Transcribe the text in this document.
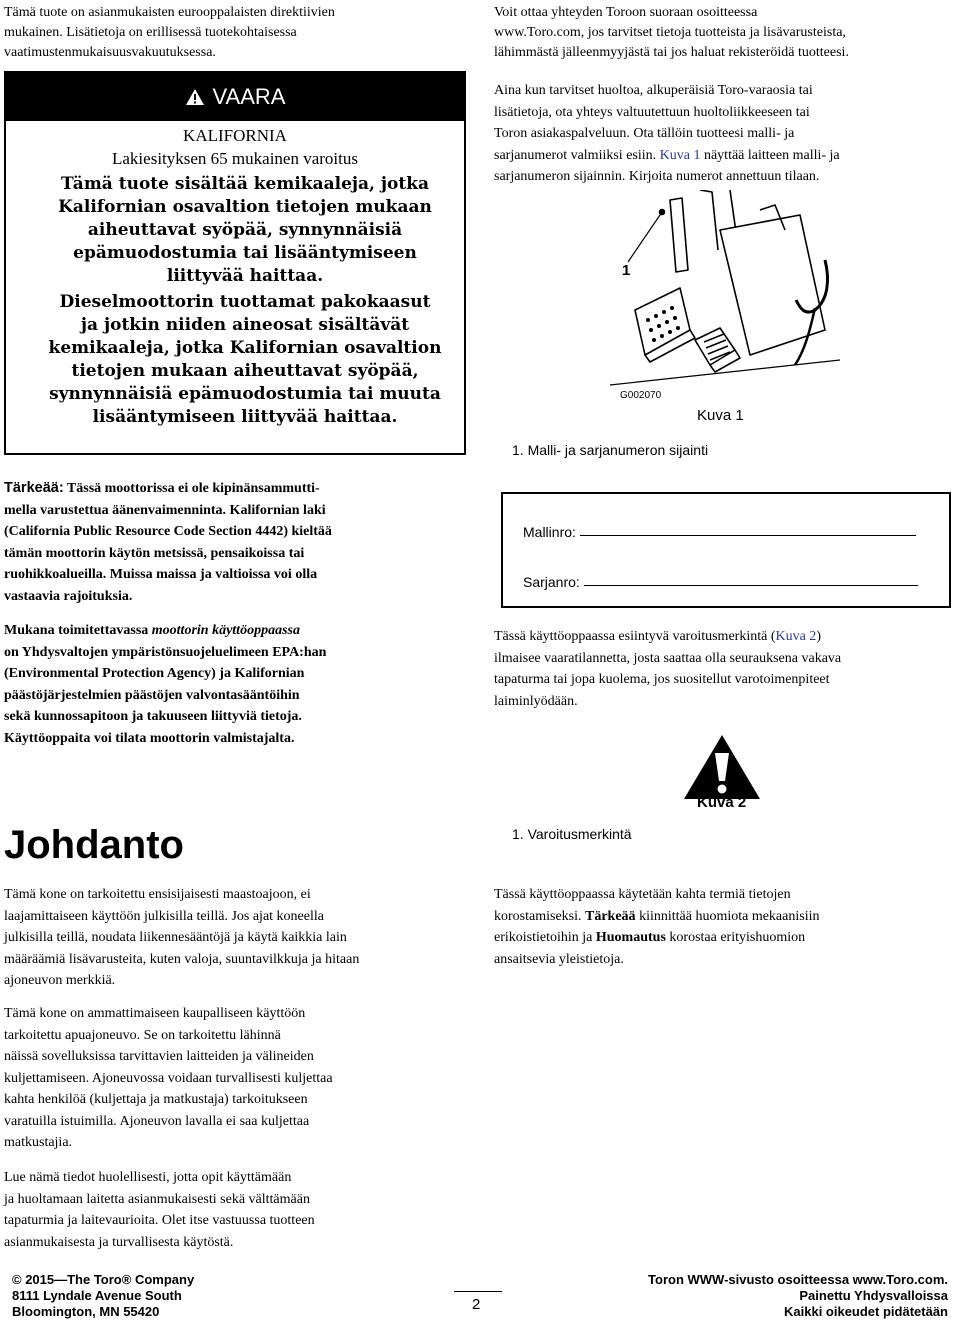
Tämä tuote on asianmukaisten eurooppalaisten direktiivien

mukainen. Lisätietoja on erillisessä tuotekohtaisessa

vaatimustenmukaisuusvakuutuksessa.

VAARA

KALIFORNIA

Lakiesityksen 65 mukainen varoitus

Tämä tuote sisältää kemikaaleja, jotka

Kalifornian osavaltion tietojen mukaan

aiheuttavat syöpää, synnynnäisiä

epämuodostumia tai lisääntymiseen

liittyvää haittaa.

Dieselmoottorin tuottamat pakokaasut

ja jotkin niiden aineosat sisältävät

kemikaaleja, jotka Kalifornian osavaltion

tietojen mukaan aiheuttavat syöpää,

synnynnäisiä epämuodostumia tai muuta

lisääntymiseen liittyvää haittaa.

Tärkeää: Tässä moottorissa ei ole kipinänsammutti-

mella varustettua äänenvaimenninta. Kalifornian laki

(California Public Resource Code Section 4442) kieltää

tämän moottorin käytön metsissä, pensaikoissa tai

ruohikkoalueilla. Muissa maissa ja valtioissa voi olla

vastaavia rajoituksia.

Mukana toimitettavassa moottorin käyttöoppaassa

on Yhdysvaltojen ympäristönsuojeluelimeen EPA:han

(Environmental Protection Agency) ja Kalifornian

päästöjärjestelmien päästöjen valvontasääntöihin

sekä kunnossapitoon ja takuuseen liittyviä tietoja.

Käyttöoppaita voi tilata moottorin valmistajalta.

Johdanto

Tämä kone on tarkoitettu ensisijaisesti maastoajoon, ei

laajamittaiseen käyttöön julkisilla teillä. Jos ajat koneella

julkisilla teillä, noudata liikennesääntöjä ja käytä kaikkia lain

määräämiä lisävarusteita, kuten valoja, suuntavilkkuja ja hitaan

ajoneuvon merkkiä.

Tämä kone on ammattimaiseen kaupalliseen käyttöön

tarkoitettu apuajoneuvo. Se on tarkoitettu lähinnä

näissä sovelluksissa tarvittavien laitteiden ja välineiden

kuljettamiseen. Ajoneuvossa voidaan turvallisesti kuljettaa

kahta henkilöä (kuljettaja ja matkustaja) tarkoitukseen

varatuilla istuimilla. Ajoneuvon lavalla ei saa kuljettaa

matkustajia.

Lue nämä tiedot huolellisesti, jotta opit käyttämään

ja huoltamaan laitetta asianmukaisesti sekä välttämään

tapaturmia ja laitevaurioita. Olet itse vastuussa tuotteen

asianmukaisesta ja turvallisesta käytöstä.

Voit ottaa yhteyden Toroon suoraan osoitteessa

www.Toro.com, jos tarvitset tietoja tuotteista ja lisävarusteista,

lähimmästä jälleenmyyjästä tai jos haluat rekisteröidä tuotteesi.

Aina kun tarvitset huoltoa, alkuperäisiä Toro-varaosia tai

lisätietoja, ota yhteys valtuutettuun huoltoliikkeeseen tai

Toron asiakaspalveluun. Ota tällöin tuotteesi malli- ja

sarjanumerot valmiiksi esiin. Kuva 1 näyttää laitteen malli- ja

sarjanumeron sijainnin. Kirjoita numerot annettuun tilaan.

1
G002070
Kuva 1
1. Malli- ja sarjanumeron sijainti
Mallinro:
Sarjanro:

Tässä käyttöoppaassa esiintyvä varoitusmerkintä (Kuva 2)

ilmaisee vaaratilannetta, josta saattaa olla seurauksena vakava

tapaturma tai jopa kuolema, jos suositellut varotoimenpiteet

laiminlyödään.

Kuva 2
1. Varoitusmerkintä

Tässä käyttöoppaassa käytetään kahta termiä tietojen

korostamiseksi. Tärkeää kiinnittää huomiota mekaanisiin

erikoistietoihin ja Huomautus korostaa erityishuomion

ansaitsevia yleistietoja.

© 2015—The Toro® Company

8111 Lyndale Avenue South

Bloomington, MN 55420	2

Toron WWW-sivusto osoitteessa www.Toro.com.

Painettu Yhdysvalloissa

Kaikki oikeudet pidätetään
